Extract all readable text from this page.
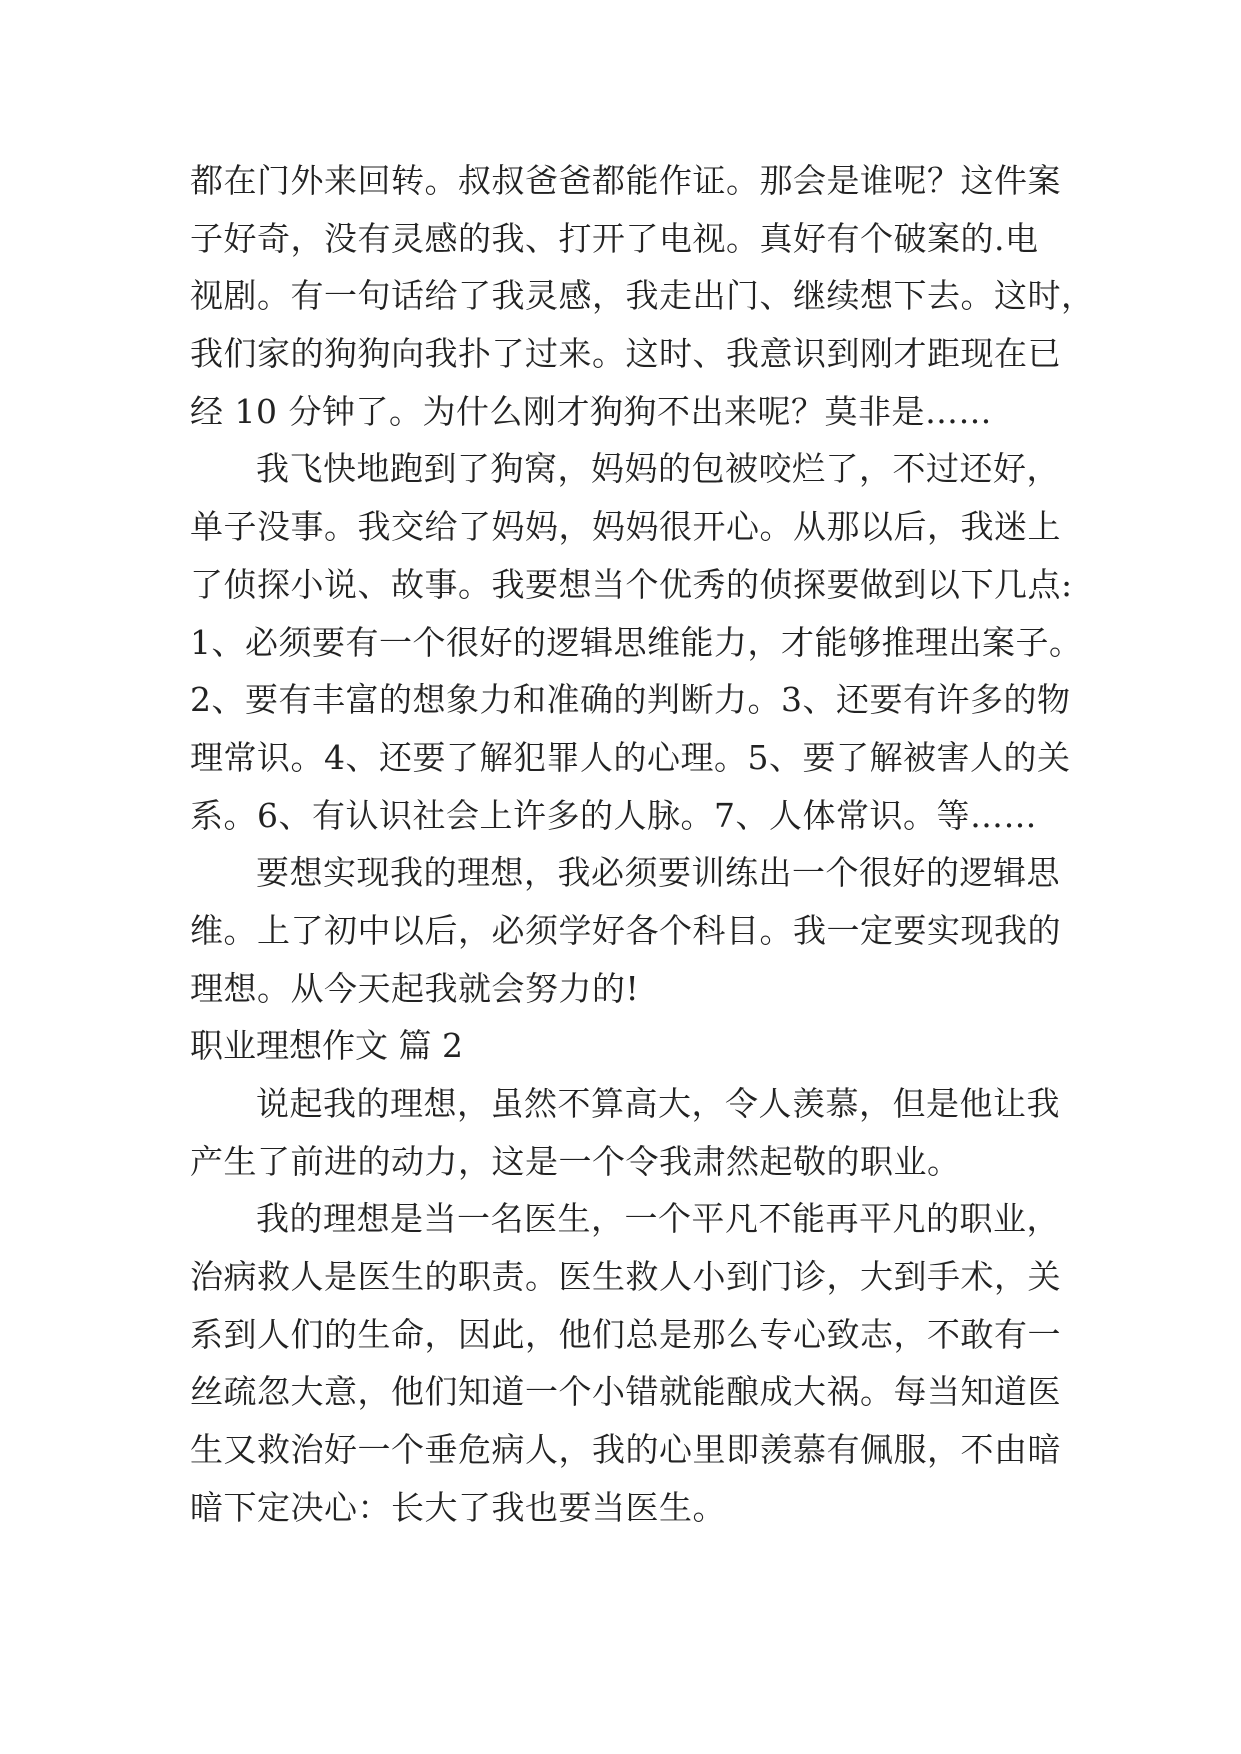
都在门外来回转。叔叔爸爸都能作证。那会是谁呢？这件案
子好奇，没有灵感的我、打开了电视。真好有个破案的.电
视剧。有一句话给了我灵感，我走出门、继续想下去。这时，
我们家的狗狗向我扑了过来。这时、我意识到刚才距现在已
经 10 分钟了。为什么刚才狗狗不出来呢？莫非是……
我飞快地跑到了狗窝，妈妈的包被咬烂了，不过还好，
单子没事。我交给了妈妈，妈妈很开心。从那以后，我迷上
了侦探小说、故事。我要想当个优秀的侦探要做到以下几点:
1、必须要有一个很好的逻辑思维能力，才能够推理出案子。
2、要有丰富的想象力和准确的判断力。3、还要有许多的物
理常识。4、还要了解犯罪人的心理。5、要了解被害人的关
系。6、有认识社会上许多的人脉。7、人体常识。等……
要想实现我的理想，我必须要训练出一个很好的逻辑思
维。上了初中以后，必须学好各个科目。我一定要实现我的
理想。从今天起我就会努力的!
职业理想作文 篇 2
说起我的理想，虽然不算高大，令人羡慕，但是他让我
产生了前进的动力，这是一个令我肃然起敬的职业。
我的理想是当一名医生，一个平凡不能再平凡的职业，
治病救人是医生的职责。医生救人小到门诊，大到手术，关
系到人们的生命，因此，他们总是那么专心致志，不敢有一
丝疏忽大意，他们知道一个小错就能酿成大祸。每当知道医
生又救治好一个垂危病人，我的心里即羡慕有佩服，不由暗
暗下定决心：长大了我也要当医生。
